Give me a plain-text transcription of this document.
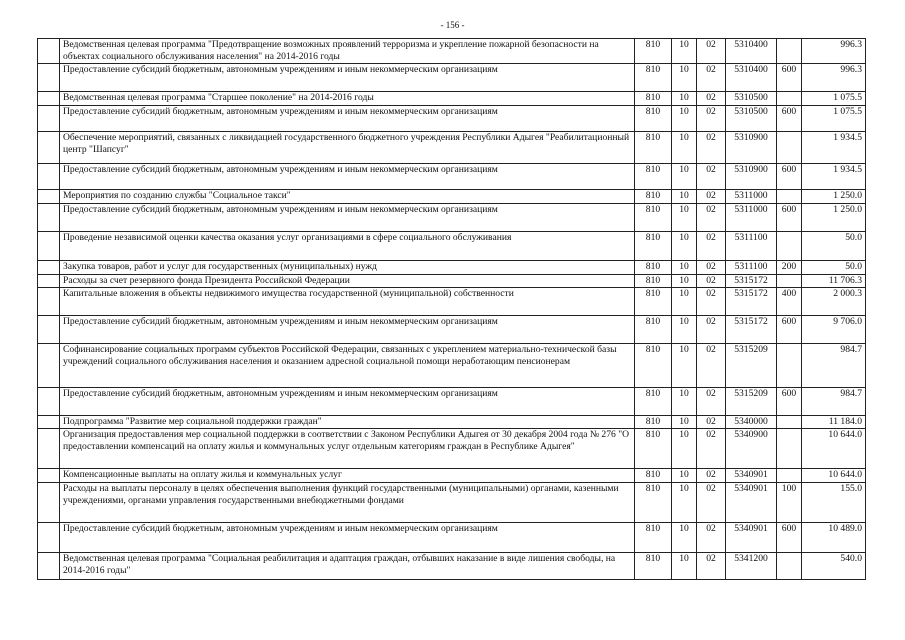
- 156 -
	Ведомственная целевая программа "Предотвращение возможных проявлений терроризма и укрепление пожарной безопасности на объектах социального обслуживания населения" на 2014-2016 годы	810	10	02	5310400		996.3
	Предоставление субсидий бюджетным, автономным учреждениям и иным некоммерческим организациям	810	10	02	5310400	600	996.3
	Ведомственная целевая программа "Старшее поколение" на 2014-2016 годы	810	10	02	5310500		1 075.5
	Предоставление субсидий бюджетным, автономным учреждениям и иным некоммерческим организациям	810	10	02	5310500	600	1 075.5
	Обеспечение мероприятий, связанных с ликвидацией государственного бюджетного учреждения Республики Адыгея "Реабилитационный центр "Шапсуг"	810	10	02	5310900		1 934.5
	Предоставление субсидий бюджетным, автономным учреждениям и иным некоммерческим организациям	810	10	02	5310900	600	1 934.5
	Мероприятия по созданию службы "Социальное такси"	810	10	02	5311000		1 250.0
	Предоставление субсидий бюджетным, автономным учреждениям и иным некоммерческим организациям	810	10	02	5311000	600	1 250.0
	Проведение независимой оценки качества оказания услуг организациями в сфере социального обслуживания	810	10	02	5311100		50.0
	Закупка товаров, работ и услуг для государственных (муниципальных) нужд	810	10	02	5311100	200	50.0
	Расходы за счет резервного фонда Президента Российской Федерации	810	10	02	5315172		11 706.3
	Капитальные вложения в объекты недвижимого имущества государственной (муниципальной) собственности	810	10	02	5315172	400	2 000.3
	Предоставление субсидий бюджетным, автономным учреждениям и иным некоммерческим организациям	810	10	02	5315172	600	9 706.0
	Софинансирование социальных программ субъектов Российской Федерации, связанных с укреплением материально-технической базы учреждений социального обслуживания населения и оказанием адресной социальной помощи неработающим пенсионерам	810	10	02	5315209		984.7
	Предоставление субсидий бюджетным, автономным учреждениям и иным некоммерческим организациям	810	10	02	5315209	600	984.7
	Подпрограмма "Развитие мер социальной поддержки граждан"	810	10	02	5340000		11 184.0
	Организация предоставления мер социальной поддержки в соответствии с Законом Республики Адыгея от 30 декабря 2004 года № 276 "О предоставлении компенсаций на оплату жилья и коммунальных услуг отдельным категориям граждан в Республике Адыгея"	810	10	02	5340900		10 644.0
	Компенсационные выплаты на оплату жилья и коммунальных услуг	810	10	02	5340901		10 644.0
	Расходы на выплаты персоналу в целях обеспечения выполнения функций государственными (муниципальными) органами, казенными учреждениями, органами управления государственными внебюджетными фондами	810	10	02	5340901	100	155.0
	Предоставление субсидий бюджетным, автономным учреждениям и иным некоммерческим организациям	810	10	02	5340901	600	10 489.0
	Ведомственная целевая программа "Социальная реабилитация и адаптация граждан, отбывших наказание в виде лишения свободы, на 2014-2016 годы"	810	10	02	5341200		540.0
